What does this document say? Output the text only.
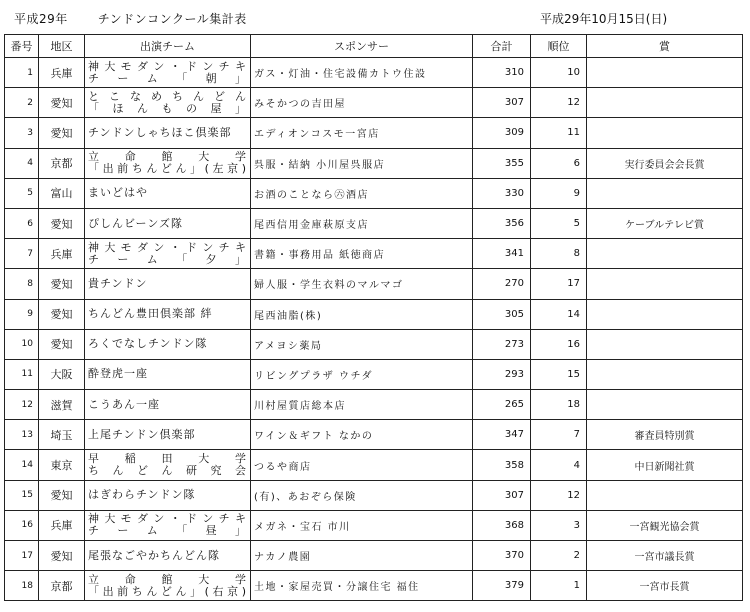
平成29年	チンドンコンクール集計表	平成29年10月15日(日)
番号	地区	出演チーム	スポンサー	合計	順位	賞
1	兵庫	神大モダン・ドンチキ
チーム「朝」	ガス・灯油・住宅設備カトウ住設	310	10	
2	愛知	とこなめちんどん
「ほんもの屋」	みそかつの吉田屋	307	12	
3	愛知	チンドンしゃちほこ倶楽部	エディオンコスモ一宮店	309	11	
4	京都	立命館大学
「出前ちんどん」(左京)	呉服・結納 小川屋呉服店	355	6	実行委員会会長賞
5	富山	まいどはや	お酒のことなら㊅酒店	330	9	
6	愛知	ぴしんビーンズ隊	尾西信用金庫萩原支店	356	5	ケーブルテレビ賞
7	兵庫	神大モダン・ドンチキ
チーム「夕」	書籍・事務用品 紙徳商店	341	8	
8	愛知	貴チンドン	婦人服・学生衣料のマルマゴ	270	17	
9	愛知	ちんどん豊田倶楽部 絆	尾西油脂(株)	305	14	
10	愛知	ろくでなしチンドン隊	アメヨシ薬局	273	16	
11	大阪	酔登虎一座	リビングプラザ ウチダ	293	15	
12	滋賀	こうあん一座	川村屋質店総本店	265	18	
13	埼玉	上尾チンドン倶楽部	ワイン＆ギフト なかの	347	7	審査員特別賞
14	東京	早稲田大学
ちんどん研究会	つるや商店	358	4	中日新聞社賞
15	愛知	はぎわらチンドン隊	(有)、あおぞら保険	307	12	
16	兵庫	神大モダン・ドンチキ
チーム「昼」	メガネ・宝石 市川	368	3	一宮観光協会賞
17	愛知	尾張なごやかちんどん隊	ナカノ農園	370	2	一宮市議長賞
18	京都	立命館大学
「出前ちんどん」(右京)	土地・家屋売買・分譲住宅 福住	379	1	一宮市長賞
